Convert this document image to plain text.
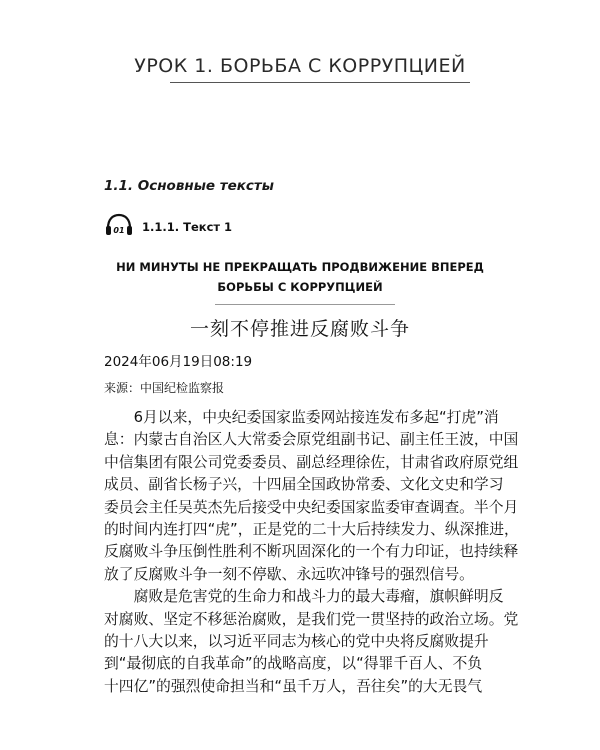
УРОК 1. БОРЬБА С КОРРУПЦИЕЙ
1.1. Основные тексты
01 1.1.1. Текст 1
НИ МИНУТЫ НЕ ПРЕКРАЩАТЬ ПРОДВИЖЕНИЕ ВПЕРЕД
БОРЬБЫ С КОРРУПЦИЕЙ
一刻不停推进反腐败斗争
2024年06月19日08:19
来源：中国纪检监察报
　　6月以来，中央纪委国家监委网站接连发布多起“打虎”消
息：内蒙古自治区人大常委会原党组副书记、副主任王波，中国
中信集团有限公司党委委员、副总经理徐佐，甘肃省政府原党组
成员、副省长杨子兴，十四届全国政协常委、文化文史和学习
委员会主任吴英杰先后接受中央纪委国家监委审查调查。半个月
的时间内连打四“虎”，正是党的二十大后持续发力、纵深推进，
反腐败斗争压倒性胜利不断巩固深化的一个有力印证，也持续释
放了反腐败斗争一刻不停歇、永远吹冲锋号的强烈信号。
　　腐败是危害党的生命力和战斗力的最大毒瘤，旗帜鲜明反
对腐败、坚定不移惩治腐败，是我们党一贯坚持的政治立场。党
的十八大以来，以习近平同志为核心的党中央将反腐败提升
到“最彻底的自我革命”的战略高度，以“得罪千百人、不负
十四亿”的强烈使命担当和“虽千万人，吾往矣”的大无畏气
